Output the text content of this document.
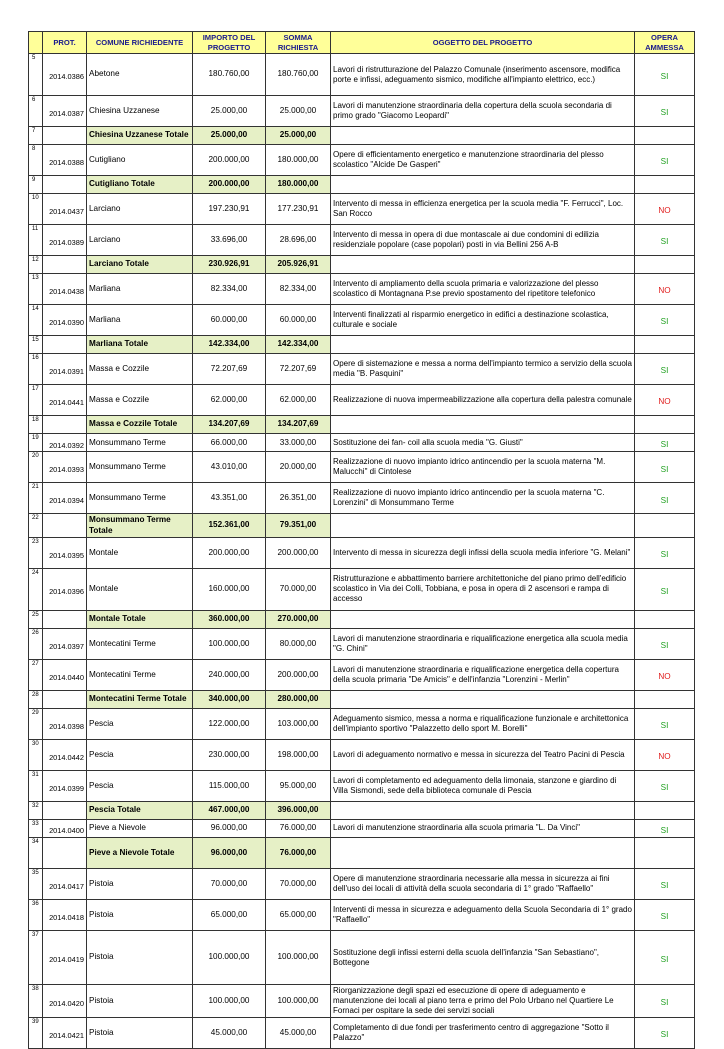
	PROT.	COMUNE RICHIEDENTE	IMPORTO DEL PROGETTO	SOMMA RICHIESTA	OGGETTO DEL PROGETTO	OPERA AMMESSA
5	2014.0386	Abetone	180.760,00	180.760,00	Lavori di ristrutturazione del Palazzo Comunale (inserimento ascensore, modifica porte e infissi, adeguamento sismico, modifiche all'impianto elettrico, ecc.)	SI
6	2014.0387	Chiesina Uzzanese	25.000,00	25.000,00	Lavori di manutenzione straordinaria della copertura della scuola secondaria di primo grado "Giacomo Leopardi"	SI
7		Chiesina Uzzanese Totale	25.000,00	25.000,00		
8	2014.0388	Cutigliano	200.000,00	180.000,00	Opere di efficientamento energetico e manutenzione straordinaria del plesso scolastico "Alcide De Gasperi"	SI
9		Cutigliano Totale	200.000,00	180.000,00		
10	2014.0437	Larciano	197.230,91	177.230,91	Intervento di messa in efficienza energetica per la scuola media "F. Ferrucci", Loc. San Rocco	NO
11	2014.0389	Larciano	33.696,00	28.696,00	Intervento di messa in opera di due montascale ai due condomini di edilizia residenziale popolare (case popolari) posti in via Bellini 256 A-B	SI
12		Larciano Totale	230.926,91	205.926,91		
13	2014.0438	Marliana	82.334,00	82.334,00	Intervento di ampliamento della scuola primaria e valorizzazione del plesso scolastico di Montagnana P.se previo spostamento del ripetitore telefonico	NO
14	2014.0390	Marliana	60.000,00	60.000,00	Interventi finalizzati al risparmio energetico in edifici a destinazione scolastica, culturale e sociale	SI
15		Marliana Totale	142.334,00	142.334,00		
16	2014.0391	Massa e Cozzile	72.207,69	72.207,69	Opere di sistemazione e messa a norma dell'impianto termico a servizio della scuola media "B. Pasquini"	SI
17	2014.0441	Massa e Cozzile	62.000,00	62.000,00	Realizzazione di nuova impermeabilizzazione alla copertura della palestra comunale	NO
18		Massa e Cozzile Totale	134.207,69	134.207,69		
19	2014.0392	Monsummano Terme	66.000,00	33.000,00	Sostituzione dei fan- coil alla scuola media "G. Giusti"	SI
20	2014.0393	Monsummano Terme	43.010,00	20.000,00	Realizzazione di nuovo impianto idrico antincendio per la scuola materna "M. Malucchi" di Cintolese	SI
21	2014.0394	Monsummano Terme	43.351,00	26.351,00	Realizzazione di nuovo impianto idrico antincendio per la scuola materna "C. Lorenzini" di Monsummano Terme	SI
22		Monsummano Terme Totale	152.361,00	79.351,00		
23	2014.0395	Montale	200.000,00	200.000,00	Intervento di messa in sicurezza degli infissi della scuola media inferiore "G. Melani"	SI
24	2014.0396	Montale	160.000,00	70.000,00	Ristrutturazione e abbattimento barriere architettoniche del piano primo dell'edificio scolastico in Via dei Colli, Tobbiana, e posa in opera di 2 ascensori e rampa di accesso	SI
25		Montale Totale	360.000,00	270.000,00		
26	2014.0397	Montecatini Terme	100.000,00	80.000,00	Lavori di manutenzione straordinaria e riqualificazione energetica alla scuola media "G. Chini"	SI
27	2014.0440	Montecatini Terme	240.000,00	200.000,00	Lavori di manutenzione straordinaria e riqualificazione energetica della copertura della scuola primaria "De Amicis" e dell'infanzia "Lorenzini - Merlin"	NO
28		Montecatini Terme Totale	340.000,00	280.000,00		
29	2014.0398	Pescia	122.000,00	103.000,00	Adeguamento sismico, messa a norma e riqualificazione funzionale e architettonica dell'impianto sportivo "Palazzetto dello sport M. Borelli"	SI
30	2014.0442	Pescia	230.000,00	198.000,00	Lavori di adeguamento normativo e messa in sicurezza del Teatro Pacini di Pescia	NO
31	2014.0399	Pescia	115.000,00	95.000,00	Lavori di completamento ed adeguamento della limonaia, stanzone e giardino di Villa Sismondi, sede della biblioteca comunale di Pescia	SI
32		Pescia Totale	467.000,00	396.000,00		
33	2014.0400	Pieve a Nievole	96.000,00	76.000,00	Lavori di manutenzione straordinaria alla scuola primaria "L. Da Vinci"	SI
34		Pieve a Nievole Totale	96.000,00	76.000,00		
35	2014.0417	Pistoia	70.000,00	70.000,00	Opere di manutenzione straordinaria necessarie alla messa in sicurezza ai fini dell'uso dei locali di attività della scuola secondaria di 1° grado "Raffaello"	SI
36	2014.0418	Pistoia	65.000,00	65.000,00	Interventi di messa in sicurezza e adeguamento della Scuola Secondaria di 1° grado "Raffaello"	SI
37	2014.0419	Pistoia	100.000,00	100.000,00	Sostituzione degli infissi esterni della scuola dell'infanzia "San Sebastiano", Bottegone	SI
38	2014.0420	Pistoia	100.000,00	100.000,00	Riorganizzazione degli spazi ed esecuzione di opere di adeguamento e manutenzione dei locali al piano terra e primo del Polo Urbano nel Quartiere Le Fornaci per ospitare la sede dei servizi sociali	SI
39	2014.0421	Pistoia	45.000,00	45.000,00	Completamento di due fondi per trasferimento centro di aggregazione "Sotto il Palazzo"	SI
